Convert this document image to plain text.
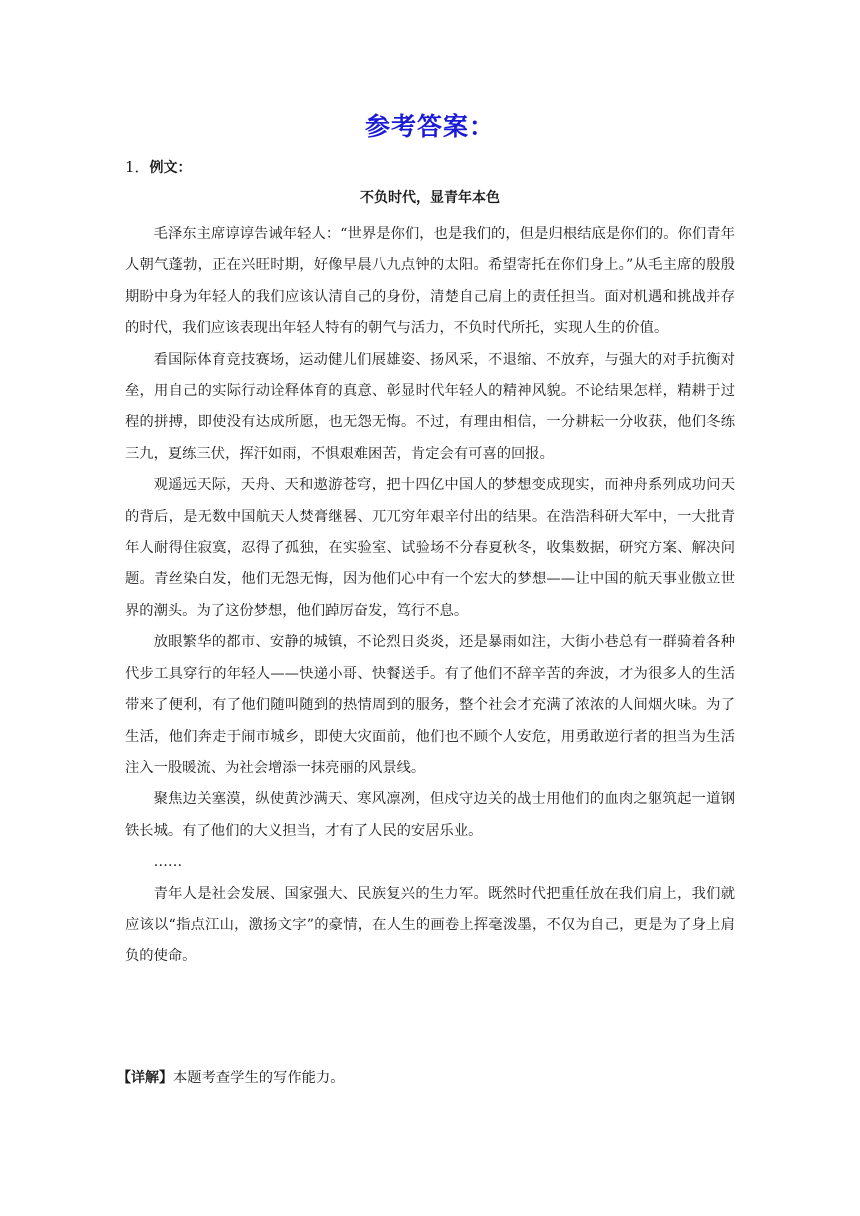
参考答案：
1．例文：
不负时代，显青年本色

毛泽东主席谆谆告诫年轻人：“世界是你们，也是我们的，但是归根结底是你们的。你们青年人朝气蓬勃，正在兴旺时期，好像早晨八九点钟的太阳。希望寄托在你们身上。”从毛主席的殷殷期盼中身为年轻人的我们应该认清自己的身份，清楚自己肩上的责任担当。面对机遇和挑战并存的时代，我们应该表现出年轻人特有的朝气与活力，不负时代所托，实现人生的价值。

看国际体育竞技赛场，运动健儿们展雄姿、扬风采，不退缩、不放弃，与强大的对手抗衡对垒，用自己的实际行动诠释体育的真意、彰显时代年轻人的精神风貌。不论结果怎样，精耕于过程的拼搏，即使没有达成所愿，也无怨无悔。不过，有理由相信，一分耕耘一分收获，他们冬练三九，夏练三伏，挥汗如雨，不惧艰难困苦，肯定会有可喜的回报。

观遥远天际，天舟、天和遨游苍穹，把十四亿中国人的梦想变成现实，而神舟系列成功问天的背后，是无数中国航天人焚膏继晷、兀兀穷年艰辛付出的结果。在浩浩科研大军中，一大批青年人耐得住寂寞，忍得了孤独，在实验室、试验场不分春夏秋冬，收集数据，研究方案、解决问题。青丝染白发，他们无怨无悔，因为他们心中有一个宏大的梦想——让中国的航天事业傲立世界的潮头。为了这份梦想，他们踔厉奋发，笃行不息。

放眼繁华的都市、安静的城镇，不论烈日炎炎，还是暴雨如注，大街小巷总有一群骑着各种代步工具穿行的年轻人——快递小哥、快餐送手。有了他们不辞辛苦的奔波，才为很多人的生活带来了便利，有了他们随叫随到的热情周到的服务，整个社会才充满了浓浓的人间烟火味。为了生活，他们奔走于闹市城乡，即使大灾面前，他们也不顾个人安危，用勇敢逆行者的担当为生活注入一股暖流、为社会增添一抹亮丽的风景线。

聚焦边关塞漠，纵使黄沙满天、寒风凛冽，但戍守边关的战士用他们的血肉之躯筑起一道钢铁长城。有了他们的大义担当，才有了人民的安居乐业。

……

青年人是社会发展、国家强大、民族复兴的生力军。既然时代把重任放在我们肩上，我们就应该以“指点江山，激扬文字”的豪情，在人生的画卷上挥毫泼墨，不仅为自己，更是为了身上肩负的使命。

【详解】本题考查学生的写作能力。
